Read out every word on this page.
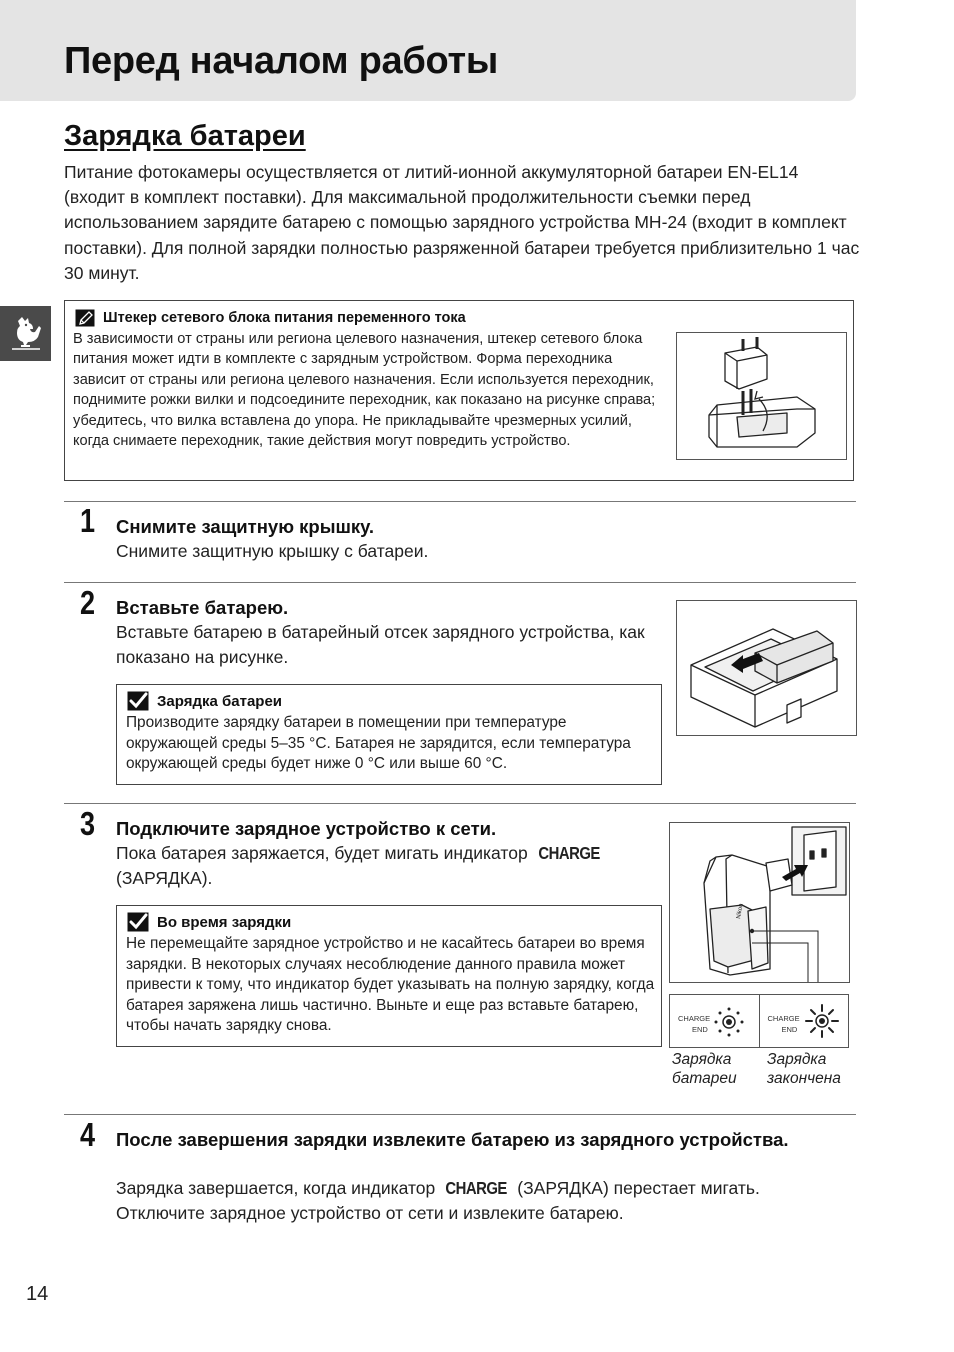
Перед началом работы
Зарядка батареи

Питание фотокамеры осуществляется от литий-ионной аккумуляторной батареи EN-EL14 (входит в комплект поставки). Для максимальной продолжительности съемки перед использованием зарядите батарею с помощью зарядного устройства MH-24 (входит в комплект поставки). Для полной зарядки полностью разряженной батареи требуется приблизительно 1 час 30 минут.

Штекер сетевого блока питания переменного тока

В зависимости от страны или региона целевого назначения, штекер сетевого блока питания может идти в комплекте с зарядным устройством. Форма переходника зависит от страны или региона целевого назначения. Если используется переходник, поднимите рожки вилки и подсоедините переходник, как показано на рисунке справа; убедитесь, что вилка вставлена до упора. Не прикладывайте чрезмерных усилий, когда снимаете переходник, такие действия могут повредить устройство.

1 Снимите защитную крышку.

Снимите защитную крышку с батареи.

2 Вставьте батарею.

Вставьте батарею в батарейный отсек зарядного устройства, как показано на рисунке.

Зарядка батареи

Производите зарядку батареи в помещении при температуре окружающей среды 5–35 °C. Батарея не зарядится, если температура окружающей среды будет ниже 0 °C или выше 60 °C.

3 Подключите зарядное устройство к сети.

Пока батарея заряжается, будет мигать индикатор CHARGE
(ЗАРЯДКА).

Nikon
CHARGE
END
CHARGE
END
Зарядка батареи
Зарядка закончена
Во время зарядки

Не перемещайте зарядное устройство и не касайтесь батареи во время зарядки. В некоторых случаях несоблюдение данного правила может привести к тому, что индикатор будет указывать на полную зарядку, когда батарея заряжена лишь частично. Выньте и еще раз вставьте батарею, чтобы начать зарядку снова.

4 После завершения зарядки извлеките батарею из зарядного устройства.

Зарядка завершается, когда индикатор CHARGE (ЗАРЯДКА) перестает мигать. Отключите зарядное устройство от сети и извлеките батарею.

14
